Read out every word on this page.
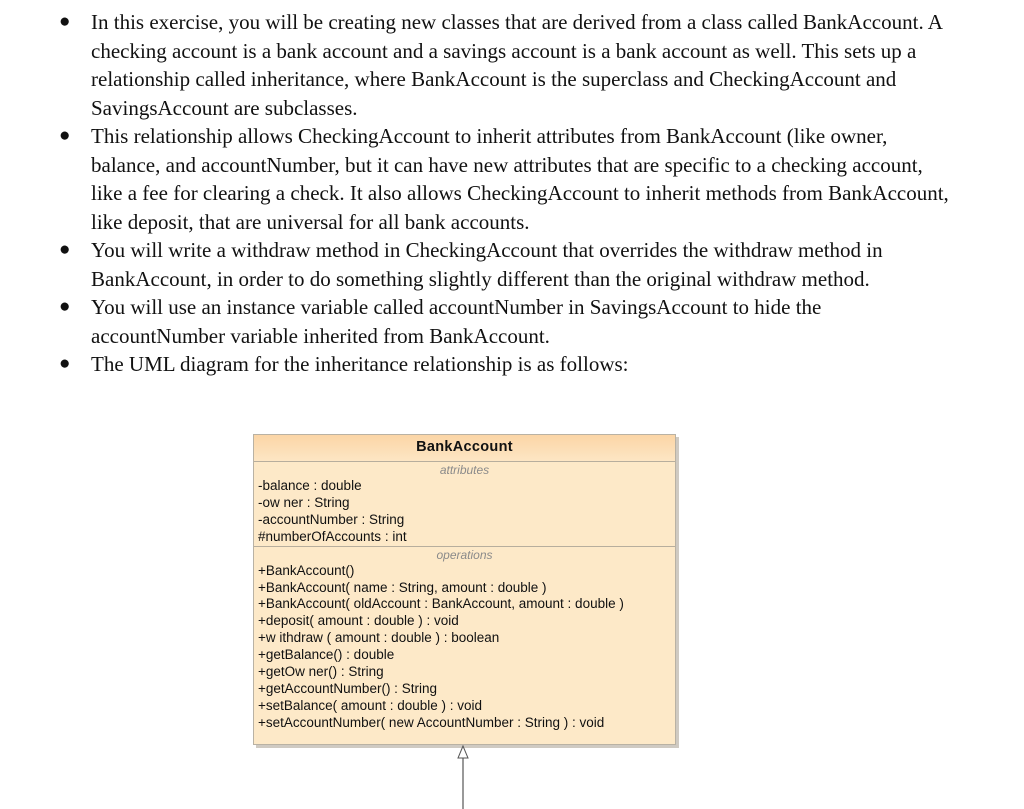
● In this exercise, you will be creating new classes that are derived from a class called BankAccount. A checking account is a bank account and a savings account is a bank account as well. This sets up a relationship called inheritance, where BankAccount is the superclass and CheckingAccount and SavingsAccount are subclasses.
● This relationship allows CheckingAccount to inherit attributes from BankAccount (like owner, balance, and accountNumber, but it can have new attributes that are specific to a checking account, like a fee for clearing a check. It also allows CheckingAccount to inherit methods from BankAccount, like deposit, that are universal for all bank accounts.
● You will write a withdraw method in CheckingAccount that overrides the withdraw method in BankAccount, in order to do something slightly different than the original withdraw method.
● You will use an instance variable called accountNumber in SavingsAccount to hide the accountNumber variable inherited from BankAccount.
● The UML diagram for the inheritance relationship is as follows:
BankAccount
attributes
-balance : double
-ow ner : String
-accountNumber : String
#numberOfAccounts : int
operations
+BankAccount()
+BankAccount( name : String, amount : double )
+BankAccount( oldAccount : BankAccount, amount : double )
+deposit( amount : double ) : void
+w ithdraw ( amount : double ) : boolean
+getBalance() : double
+getOw ner() : String
+getAccountNumber() : String
+setBalance( amount : double ) : void
+setAccountNumber( new AccountNumber : String ) : void
